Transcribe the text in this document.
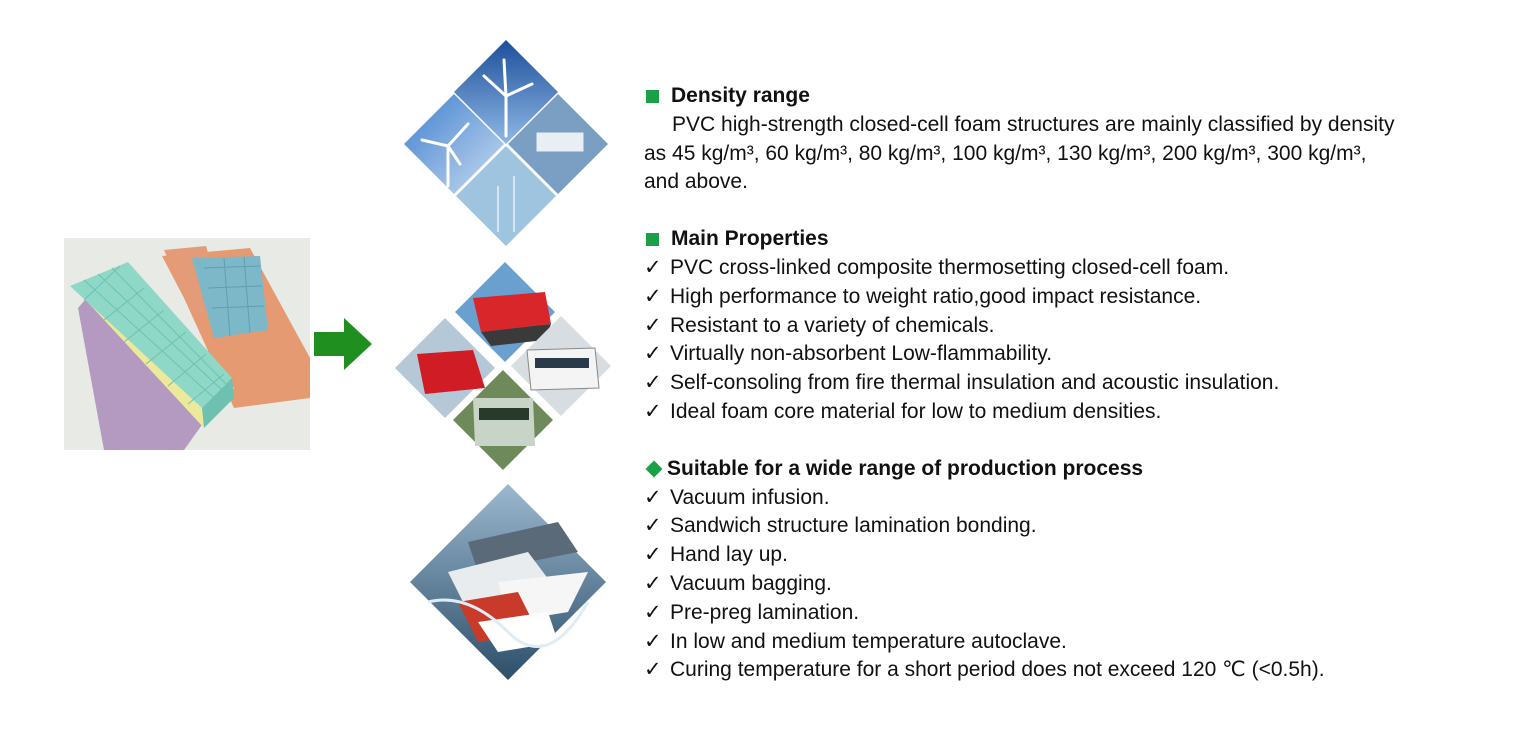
Density range
PVC high-strength closed-cell foam structures are mainly classified by density
as 45 kg/m³, 60 kg/m³, 80 kg/m³, 100 kg/m³, 130 kg/m³, 200 kg/m³, 300 kg/m³,
and above.
Main Properties
✓ PVC cross-linked composite thermosetting closed-cell foam.
✓ High performance to weight ratio,good impact resistance.
✓ Resistant to a variety of chemicals.
✓ Virtually non-absorbent Low-flammability.
✓ Self-consoling from fire thermal insulation and acoustic insulation.
✓ Ideal foam core material for low to medium densities.
Suitable for a wide range of production process
✓ Vacuum infusion.
✓ Sandwich structure lamination bonding.
✓ Hand lay up.
✓ Vacuum bagging.
✓ Pre-preg lamination.
✓ In low and medium temperature autoclave.
✓ Curing temperature for a short period does not exceed 120 ℃ (<0.5h).
